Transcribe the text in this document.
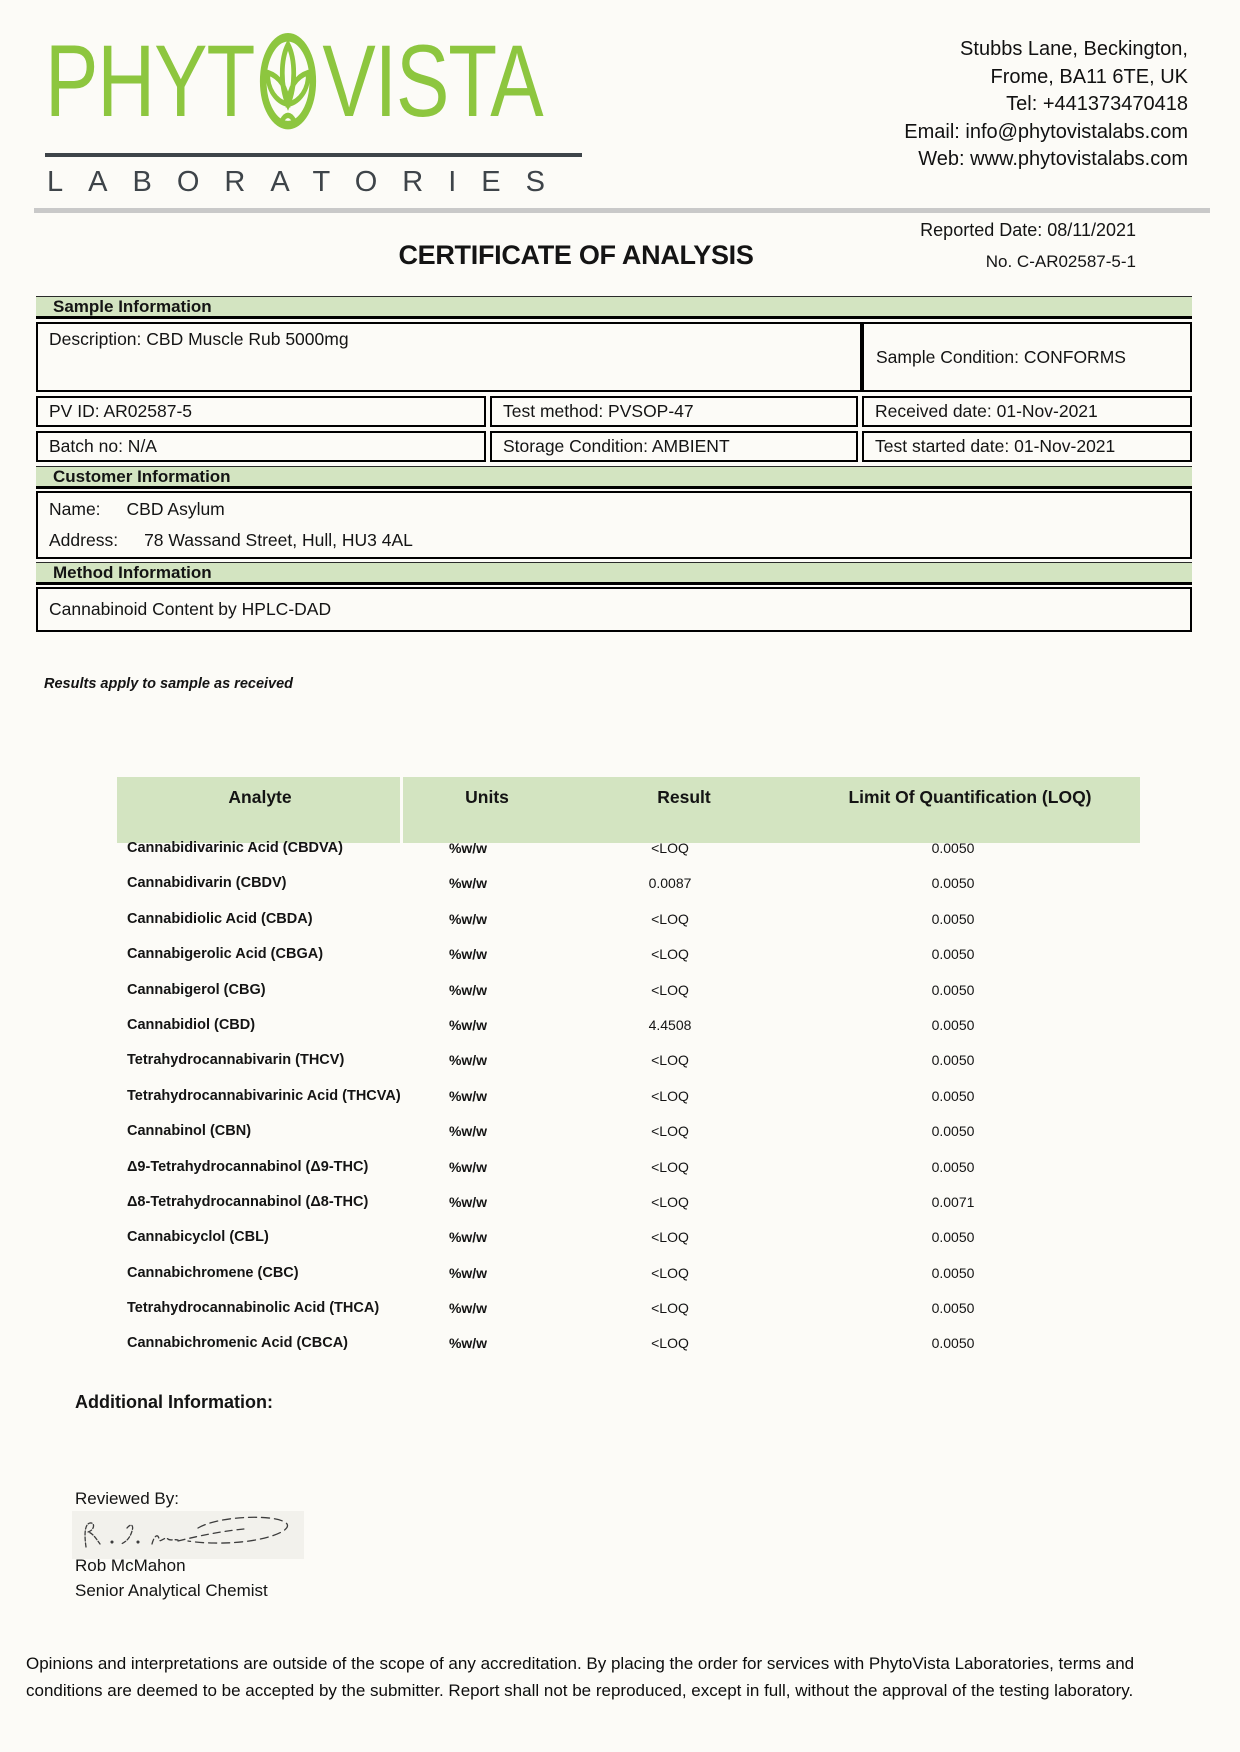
PHYT VISTA
LABORATORIES
Stubbs Lane, Beckington,
Frome, BA11 6TE, UK
Tel: +441373470418
Email: info@phytovistalabs.com
Web: www.phytovistalabs.com
Reported Date: 08/11/2021
CERTIFICATE OF ANALYSIS	No. C-AR02587-5-1
Sample Information
Description: CBD Muscle Rub 5000mg
Sample Condition: CONFORMS
PV ID: AR02587-5	Test method: PVSOP-47	Received date: 01-Nov-2021
Batch no: N/A	Storage Condition: AMBIENT	Test started date: 01-Nov-2021
Customer Information
Name: CBD Asylum
Address: 78 Wassand Street, Hull, HU3 4AL
Method Information
Cannabinoid Content by HPLC-DAD
Results apply to sample as received
Analyte	Units	Result	Limit Of Quantification (LOQ)
Cannabidivarinic Acid (CBDVA)	%w/w	<LOQ	0.0050
Cannabidivarin (CBDV)	%w/w	0.0087	0.0050
Cannabidiolic Acid (CBDA)	%w/w	<LOQ	0.0050
Cannabigerolic Acid (CBGA)	%w/w	<LOQ	0.0050
Cannabigerol (CBG)	%w/w	<LOQ	0.0050
Cannabidiol (CBD)	%w/w	4.4508	0.0050
Tetrahydrocannabivarin (THCV)	%w/w	<LOQ	0.0050
Tetrahydrocannabivarinic Acid (THCVA)	%w/w	<LOQ	0.0050
Cannabinol (CBN)	%w/w	<LOQ	0.0050
Δ9-Tetrahydrocannabinol (Δ9-THC)	%w/w	<LOQ	0.0050
Δ8-Tetrahydrocannabinol (Δ8-THC)	%w/w	<LOQ	0.0071
Cannabicyclol (CBL)	%w/w	<LOQ	0.0050
Cannabichromene (CBC)	%w/w	<LOQ	0.0050
Tetrahydrocannabinolic Acid (THCA)	%w/w	<LOQ	0.0050
Cannabichromenic Acid (CBCA)	%w/w	<LOQ	0.0050
Additional Information:
Reviewed By:
Rob McMahon
Senior Analytical Chemist
Opinions and interpretations are outside of the scope of any accreditation. By placing the order for services with PhytoVista Laboratories, terms and conditions are deemed to be accepted by the submitter. Report shall not be reproduced, except in full, without the approval of the testing laboratory.
